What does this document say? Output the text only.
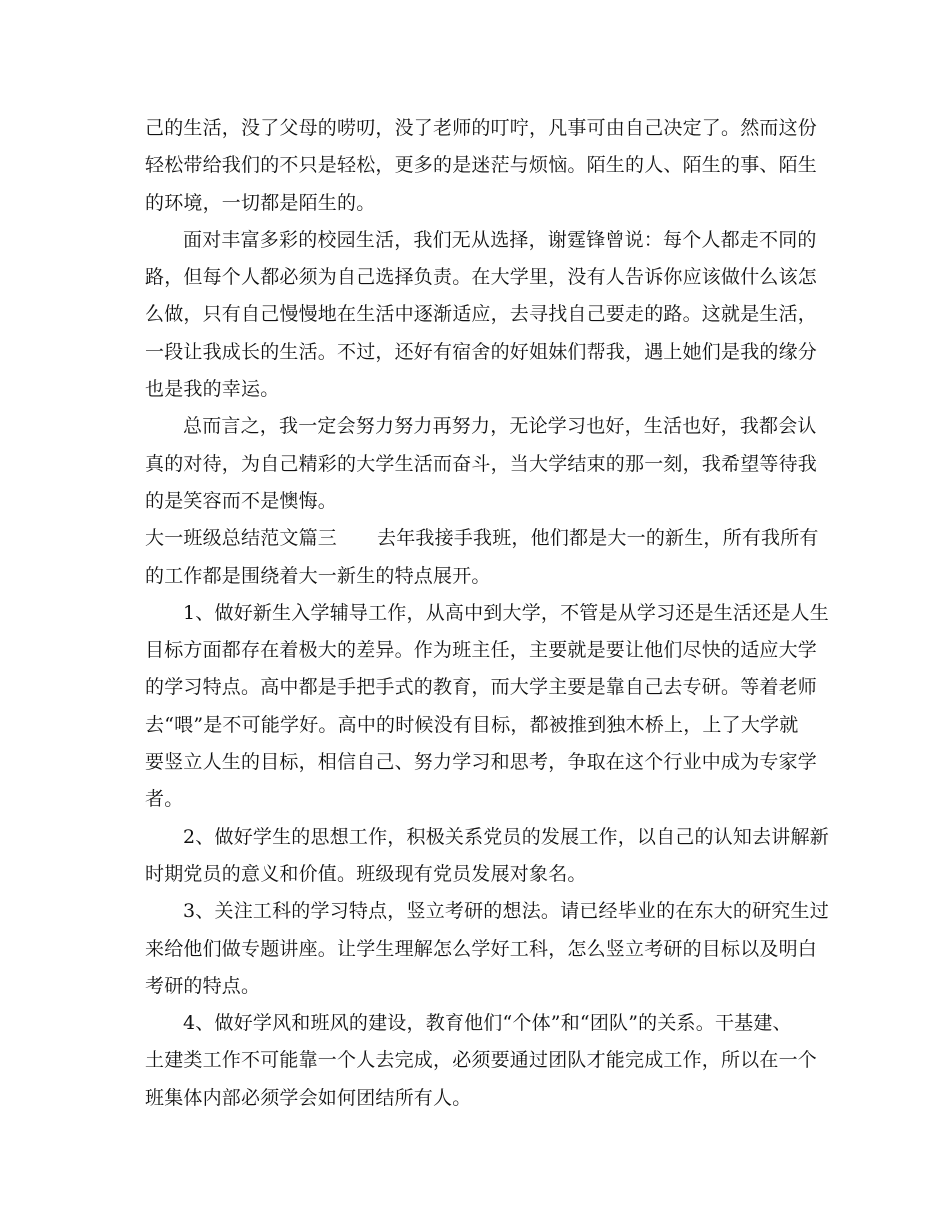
己的生活，没了父母的唠叨，没了老师的叮咛，凡事可由自己决定了。然而这份
轻松带给我们的不只是轻松，更多的是迷茫与烦恼。陌生的人、陌生的事、陌生
的环境，一切都是陌生的。
面对丰富多彩的校园生活，我们无从选择，谢霆锋曾说：每个人都走不同的
路，但每个人都必须为自己选择负责。在大学里，没有人告诉你应该做什么该怎
么做，只有自己慢慢地在生活中逐渐适应，去寻找自己要走的路。这就是生活，
一段让我成长的生活。不过，还好有宿舍的好姐妹们帮我，遇上她们是我的缘分
也是我的幸运。
总而言之，我一定会努力努力再努力，无论学习也好，生活也好，我都会认
真的对待，为自己精彩的大学生活而奋斗，当大学结束的那一刻，我希望等待我
的是笑容而不是懊悔。
大一班级总结范文篇三 去年我接手我班，他们都是大一的新生，所有我所有
的工作都是围绕着大一新生的特点展开。
1、做好新生入学辅导工作，从高中到大学，不管是从学习还是生活还是人生
目标方面都存在着极大的差异。作为班主任，主要就是要让他们尽快的适应大学
的学习特点。高中都是手把手式的教育，而大学主要是靠自己去专研。等着老师
去“喂”是不可能学好。高中的时候没有目标，都被推到独木桥上，上了大学就
要竖立人生的目标，相信自己、努力学习和思考，争取在这个行业中成为专家学
者。
2、做好学生的思想工作，积极关系党员的发展工作，以自己的认知去讲解新
时期党员的意义和价值。班级现有党员发展对象名。
3、关注工科的学习特点，竖立考研的想法。请已经毕业的在东大的研究生过
来给他们做专题讲座。让学生理解怎么学好工科，怎么竖立考研的目标以及明白
考研的特点。
4、做好学风和班风的建设，教育他们“个体”和“团队”的关系。干基建、
土建类工作不可能靠一个人去完成，必须要通过团队才能完成工作，所以在一个
班集体内部必须学会如何团结所有人。
